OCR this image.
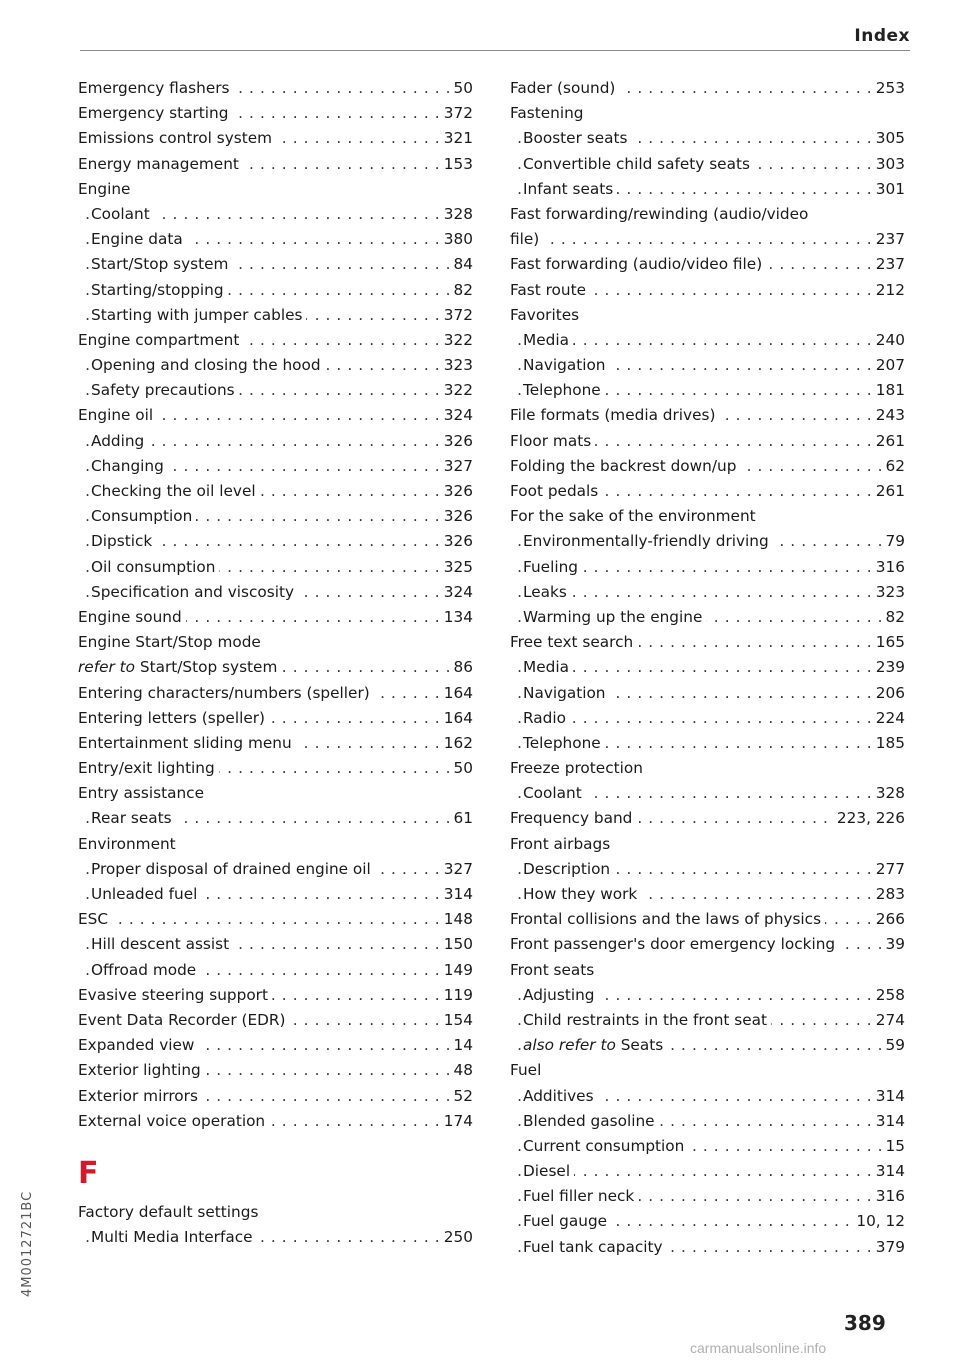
Index
. . . Emergency flashers	50
. . . Emergency starting	372
. . . Emissions control system	321
. . . Energy management	153
Engine
. . . Coolant	328
. . . Engine data	380
. . . Start/Stop system	84
. . . Starting/stopping	82
. . . Starting with jumper cables	372
. . . Engine compartment	322
. . . Opening and closing the hood	323
. . . Safety precautions	322
. . . Engine oil	324
. . . Adding	326
. . . Changing	327
. . . Checking the oil level	326
. . . Consumption	326
. . . Dipstick	326
. . . Oil consumption	325
. . . Specification and viscosity	324
. . . Engine sound	134
Engine Start/Stop mode
. . . refer to Start/Stop system	86
. . . Entering characters/numbers (speller)	164
. . . Entering letters (speller)	164
. . . Entertainment sliding menu	162
. . . Entry/exit lighting	50
Entry assistance
. . . Rear seats	61
Environment
. . . Proper disposal of drained engine oil	327
. . . Unleaded fuel	314
. . . ESC	148
. . . Hill descent assist	150
. . . Offroad mode	149
. . . Evasive steering support	119
. . . Event Data Recorder (EDR)	154
. . . Expanded view	14
. . . Exterior lighting	48
. . . Exterior mirrors	52
. . . External voice operation	174
F
Factory default settings
. . . Multi Media Interface	250
. . . Fader (sound)	253
Fastening
. . . Booster seats	305
. . . Convertible child safety seats	303
. . . Infant seats	301
Fast forwarding/rewinding (audio/video
. . . file)	237
. . . Fast forwarding (audio/video file)	237
. . . Fast route	212
Favorites
. . . Media	240
. . . Navigation	207
. . . Telephone	181
. . . File formats (media drives)	243
. . . Floor mats	261
. . . Folding the backrest down/up	62
. . . Foot pedals	261
For the sake of the environment
. . . Environmentally-friendly driving	79
. . . Fueling	316
. . . Leaks	323
. . . Warming up the engine	82
. . . Free text search	165
. . . Media	239
. . . Navigation	206
. . . Radio	224
. . . Telephone	185
Freeze protection
. . . Coolant	328
. . . Frequency band	223, 226
Front airbags
. . . Description	277
. . . How they work	283
. . . Frontal collisions and the laws of physics	266
. . . Front passenger's door emergency locking	39
Front seats
. . . Adjusting	258
. . . Child restraints in the front seat	274
. . . also refer to Seats	59
Fuel
. . . Additives	314
. . . Blended gasoline	314
. . . Current consumption	15
. . . Diesel	314
. . . Fuel filler neck	316
. . . Fuel gauge	10, 12
. . . Fuel tank capacity	379
389
4M0012721BC
carmanualsonline.info
